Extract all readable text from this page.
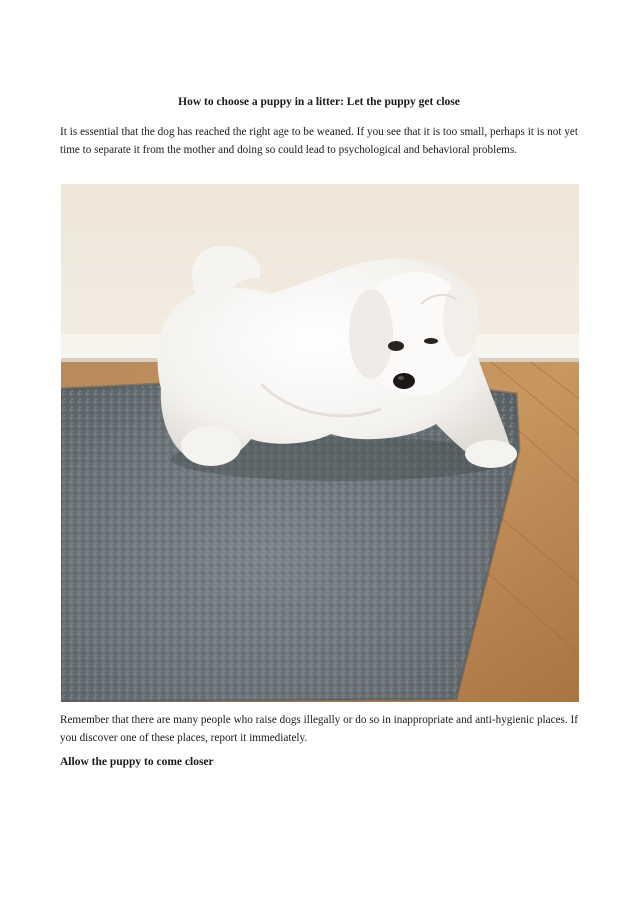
How to choose a puppy in a litter: Let the puppy get close

It is essential that the dog has reached the right age to be weaned. If you see that it is too small, perhaps it is not yet time to separate it from the mother and doing so could lead to psychological and behavioral problems.

Remember that there are many people who raise dogs illegally or do so in inappropriate and anti-hygienic places. If you discover one of these places, report it immediately.

Allow the puppy to come closer
